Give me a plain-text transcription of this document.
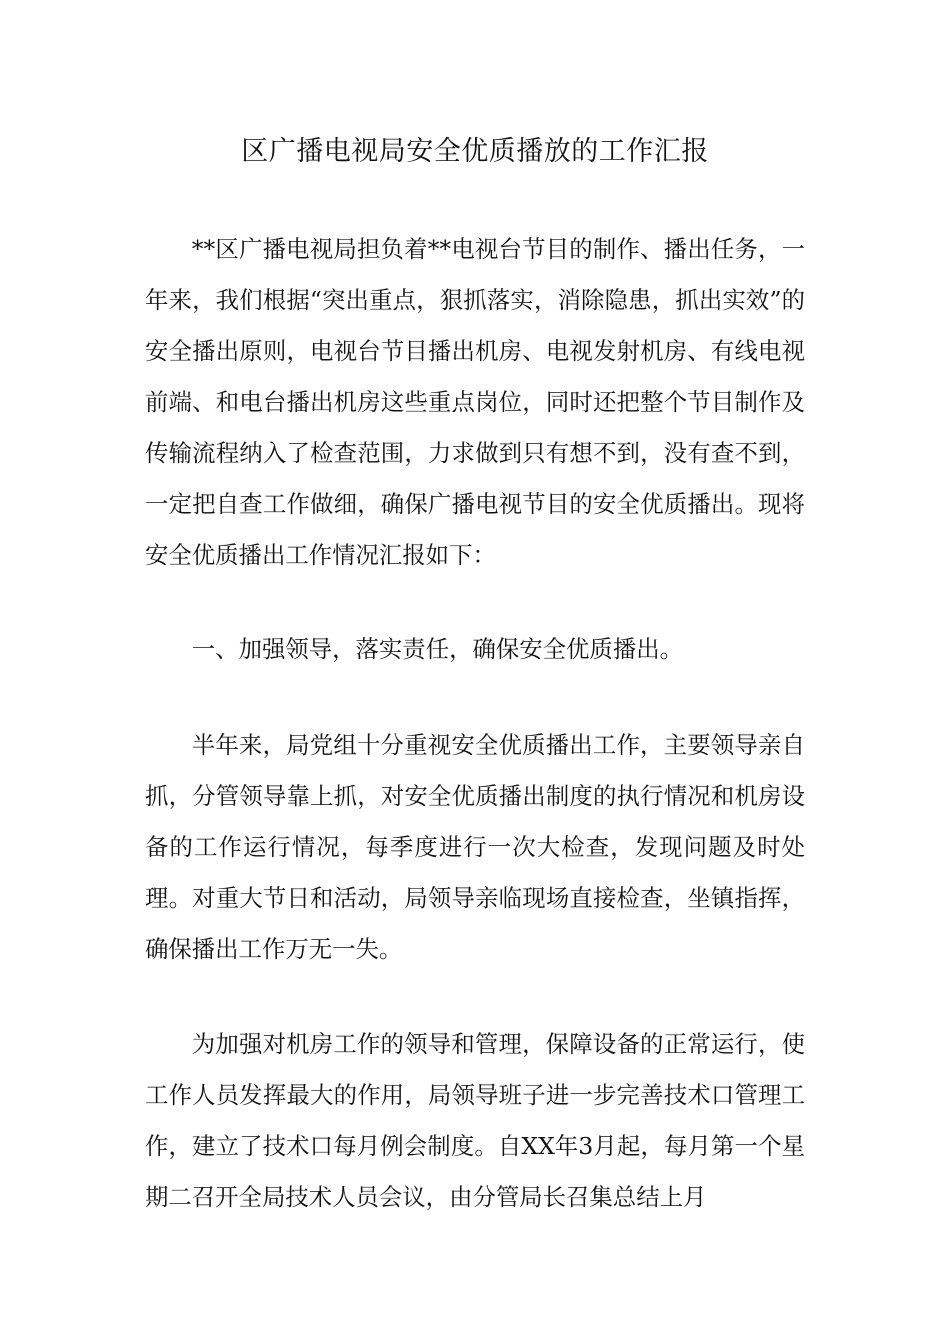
区广播电视局安全优质播放的工作汇报

**区广播电视局担负着**电视台节目的制作、播出任务，一年来，我们根据“突出重点，狠抓落实，消除隐患，抓出实效”的安全播出原则，电视台节目播出机房、电视发射机房、有线电视前端、和电台播出机房这些重点岗位，同时还把整个节目制作及传输流程纳入了检查范围，力求做到只有想不到，没有查不到，一定把自查工作做细，确保广播电视节目的安全优质播出。现将安全优质播出工作情况汇报如下：

一、加强领导，落实责任，确保安全优质播出。

半年来，局党组十分重视安全优质播出工作，主要领导亲自抓，分管领导靠上抓，对安全优质播出制度的执行情况和机房设备的工作运行情况，每季度进行一次大检查，发现问题及时处理。对重大节日和活动，局领导亲临现场直接检查，坐镇指挥，确保播出工作万无一失。

为加强对机房工作的领导和管理，保障设备的正常运行，使工作人员发挥最大的作用，局领导班子进一步完善技术口管理工作，建立了技术口每月例会制度。自XX年3月起，每月第一个星期二召开全局技术人员会议，由分管局长召集总结上月
